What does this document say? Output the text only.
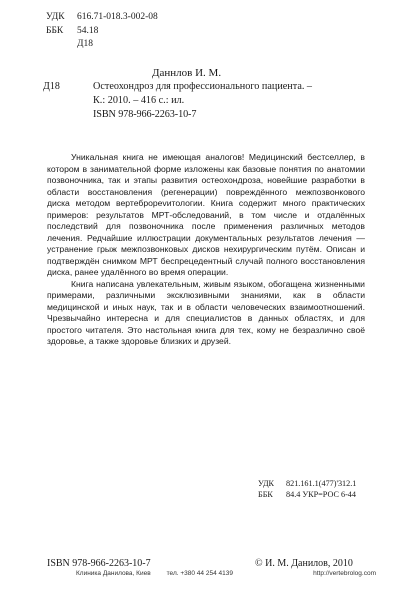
УДК	616.71-018.3-002-08
ББК	54.18
Д18
Даннлов И. М.
Д18	Остеохондроз для профессионального пациента. –
К.: 2010. – 416 с.: ил.
ISBN 978-966-2263-10-7

Уникальная книга не имеющая аналогов! Медицинский бестселлер, в котором в занимательной форме изложены как базовые понятия по анатомии позвоночника, так и этапы развития остеохондроза, новейшие разработки в области восстановления (регенерации) повреждённого межпозвонкового диска методом вертеброрevитологии. Книга содержит много практических примеров: результатов МРТ-обследований, в том числе и отдалённых последствий для позвоночника после применения различных методов лечения. Редчайшие иллюстрации документальных результатов лечения — устранение грыж межпозвонковых дисков нехирургическим путём. Описан и подтверждён снимком МРТ беспрецедентный случай полного восстановления диска, ранее удалённого во время операции.

Книга написана увлекательным, живым языком, обогащена жизненными примерами, различными эксклюзивными знаниями, как в области медицинской и иных наук, так и в области человеческих взаимоотношений. Чрезвычайно интересна и для специалистов в данных областях, и для простого читателя. Это настольная книга для тех, кому не безразлично своё здоровье, а также здоровье близких и друзей.

УДК	821.161.1(477)'312.1
ББК	84.4 УКР=РОС 6-44
ISBN 978-966-2263-10-7	© И. М. Данилов, 2010
Клиника Данилова, Киев тел. +380 44 254 4139	http://vertebrolog.com
